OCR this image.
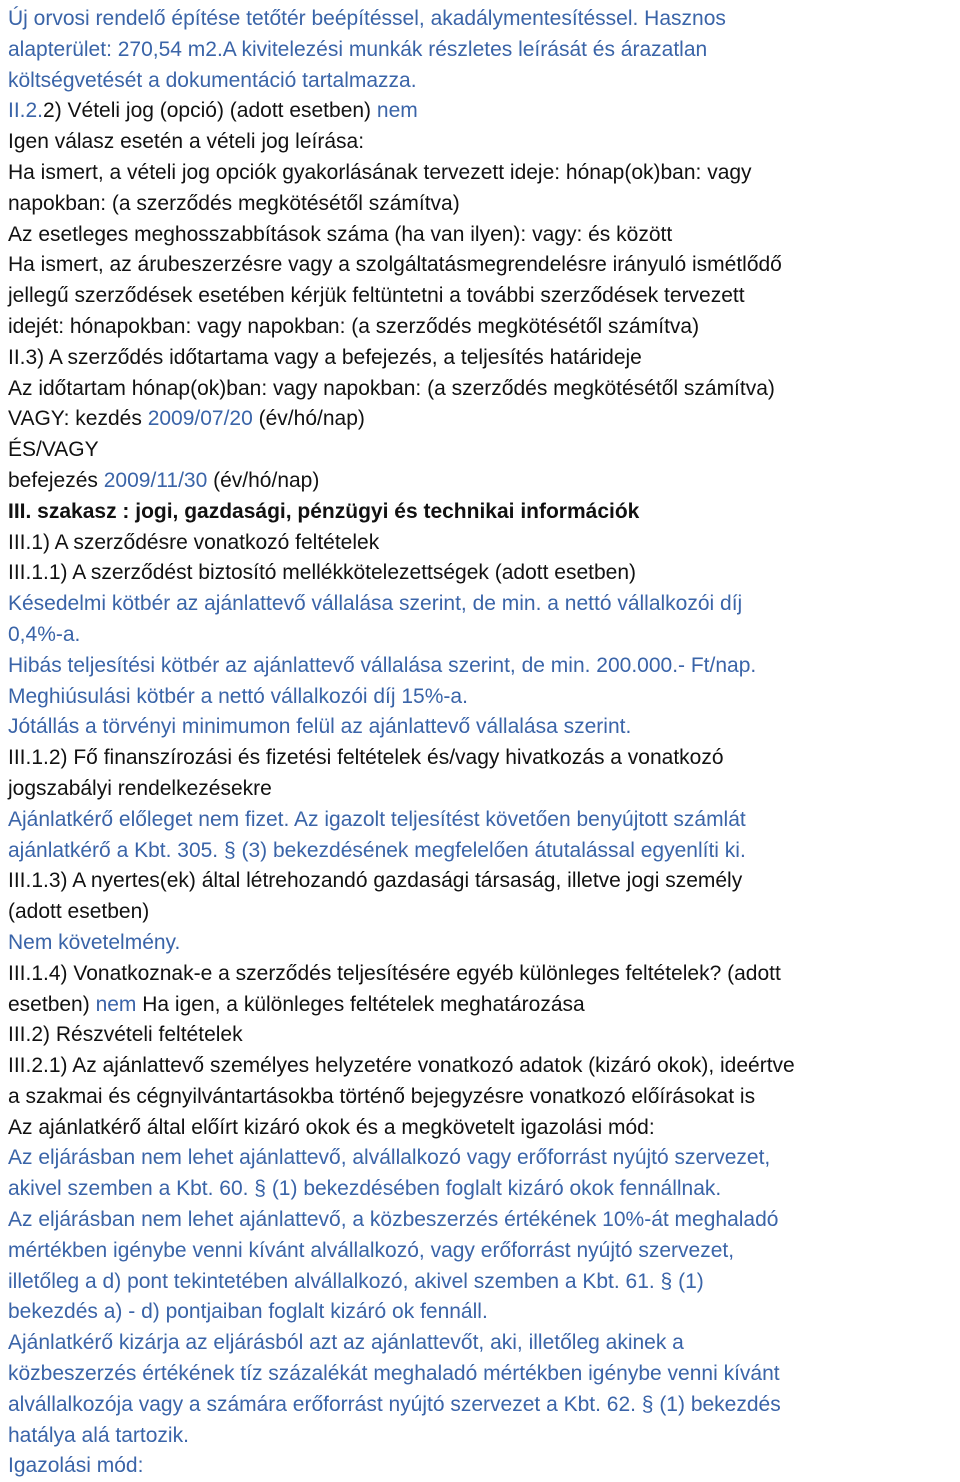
Új orvosi rendelő építése tetőtér beépítéssel, akadálymentesítéssel. Hasznos
alapterület: 270,54 m2.A kivitelezési munkák részletes leírását és árazatlan
költségvetését a dokumentáció tartalmazza.
II.2.2) Vételi jog (opció) (adott esetben) nem
Igen válasz esetén a vételi jog leírása:
Ha ismert, a vételi jog opciók gyakorlásának tervezett ideje: hónap(ok)ban: vagy
napokban: (a szerződés megkötésétől számítva)
Az esetleges meghosszabbítások száma (ha van ilyen): vagy: és között
Ha ismert, az árubeszerzésre vagy a szolgáltatásmegrendelésre irányuló ismétlődő
jellegű szerződések esetében kérjük feltüntetni a további szerződések tervezett
idejét: hónapokban: vagy napokban: (a szerződés megkötésétől számítva)
II.3) A szerződés időtartama vagy a befejezés, a teljesítés határideje
Az időtartam hónap(ok)ban: vagy napokban: (a szerződés megkötésétől számítva)
VAGY: kezdés 2009/07/20 (év/hó/nap)
ÉS/VAGY
befejezés 2009/11/30 (év/hó/nap)
III. szakasz : jogi, gazdasági, pénzügyi és technikai információk
III.1) A szerződésre vonatkozó feltételek
III.1.1) A szerződést biztosító mellékkötelezettségek (adott esetben)
Késedelmi kötbér az ajánlattevő vállalása szerint, de min. a nettó vállalkozói díj
0,4%-a.
Hibás teljesítési kötbér az ajánlattevő vállalása szerint, de min. 200.000.- Ft/nap.
Meghiúsulási kötbér a nettó vállalkozói díj 15%-a.
Jótállás a törvényi minimumon felül az ajánlattevő vállalása szerint.
III.1.2) Fő finanszírozási és fizetési feltételek és/vagy hivatkozás a vonatkozó
jogszabályi rendelkezésekre
Ajánlatkérő előleget nem fizet. Az igazolt teljesítést követően benyújtott számlát
ajánlatkérő a Kbt. 305. § (3) bekezdésének megfelelően átutalással egyenlíti ki.
III.1.3) A nyertes(ek) által létrehozandó gazdasági társaság, illetve jogi személy
(adott esetben)
Nem követelmény.
III.1.4) Vonatkoznak-e a szerződés teljesítésére egyéb különleges feltételek? (adott
esetben) nem Ha igen, a különleges feltételek meghatározása
III.2) Részvételi feltételek
III.2.1) Az ajánlattevő személyes helyzetére vonatkozó adatok (kizáró okok), ideértve
a szakmai és cégnyilvántartásokba történő bejegyzésre vonatkozó előírásokat is
Az ajánlatkérő által előírt kizáró okok és a megkövetelt igazolási mód:
Az eljárásban nem lehet ajánlattevő, alvállalkozó vagy erőforrást nyújtó szervezet,
akivel szemben a Kbt. 60. § (1) bekezdésében foglalt kizáró okok fennállnak.
Az eljárásban nem lehet ajánlattevő, a közbeszerzés értékének 10%-át meghaladó
mértékben igénybe venni kívánt alvállalkozó, vagy erőforrást nyújtó szervezet,
illetőleg a d) pont tekintetében alvállalkozó, akivel szemben a Kbt. 61. § (1)
bekezdés a) - d) pontjaiban foglalt kizáró ok fennáll.
Ajánlatkérő kizárja az eljárásból azt az ajánlattevőt, aki, illetőleg akinek a
közbeszerzés értékének tíz százalékát meghaladó mértékben igénybe venni kívánt
alvállalkozója vagy a számára erőforrást nyújtó szervezet a Kbt. 62. § (1) bekezdés
hatálya alá tartozik.
Igazolási mód:
